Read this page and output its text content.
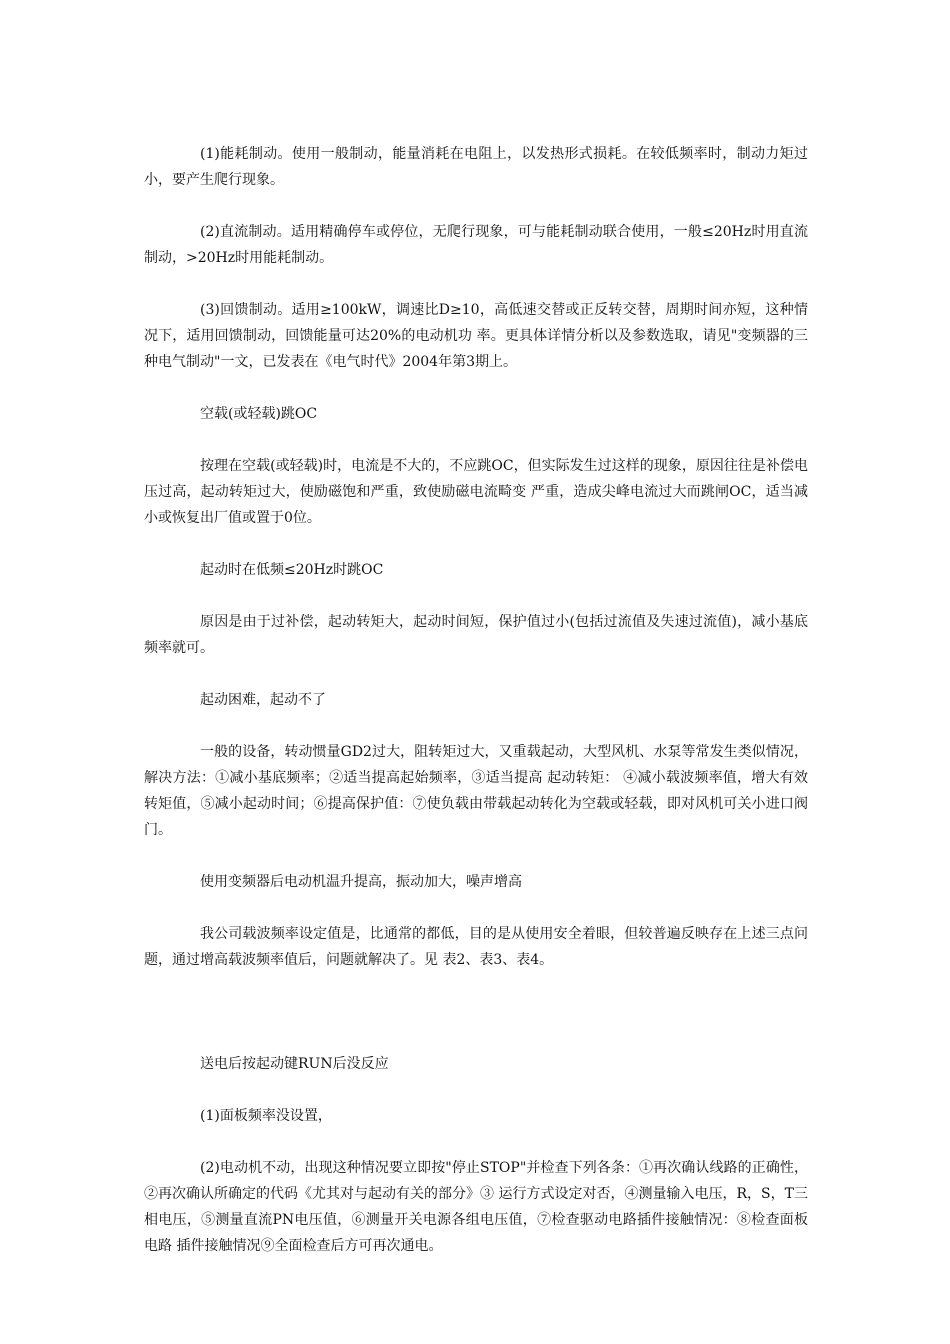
(1)能耗制动。使用一般制动，能量消耗在电阻上，以发热形式损耗。在较低频率时，制动力矩过小，要产生爬行现象。

(2)直流制动。适用精确停车或停位，无爬行现象，可与能耗制动联合使用，一般≤20Hz时用直流制动，>20Hz时用能耗制动。

(3)回馈制动。适用≥100kW，调速比D≥10，高低速交替或正反转交替，周期时间亦短，这种情况下，适用回馈制动，回馈能量可达20%的电动机功 率。更具体详情分析以及参数选取，请见"变频器的三种电气制动"一文，已发表在《电气时代》2004年第3期上。

空载(或轻载)跳OC

按理在空载(或轻载)时，电流是不大的，不应跳OC，但实际发生过这样的现象，原因往往是补偿电压过高，起动转矩过大，使励磁饱和严重，致使励磁电流畸变 严重，造成尖峰电流过大而跳闸OC，适当减小或恢复出厂值或置于0位。

起动时在低频≤20Hz时跳OC

原因是由于过补偿，起动转矩大，起动时间短，保护值过小(包括过流值及失速过流值)，减小基底频率就可。

起动困难，起动不了

一般的设备，转动惯量GD2过大，阻转矩过大，又重载起动，大型风机、水泵等常发生类似情况，解决方法：①减小基底频率；②适当提高起始频率，③适当提高 起动转矩： ④减小载波频率值，增大有效转矩值，⑤减小起动时间；⑥提高保护值：⑦使负载由带载起动转化为空载或轻载，即对风机可关小进口阀门。

使用变频器后电动机温升提高，振动加大，噪声增高

我公司载波频率设定值是，比通常的都低，目的是从使用安全着眼，但较普遍反映存在上述三点问题，通过增高载波频率值后，问题就解决了。见 表2、表3、表4。

送电后按起动键RUN后没反应

(1)面板频率没设置，

(2)电动机不动，出现这种情况要立即按"停止STOP"并检查下列各条：①再次确认线路的正确性，②再次确认所确定的代码《尤其对与起动有关的部分》③ 运行方式设定对否，④测量输入电压，R，S，T三相电压，⑤测量直流PN电压值，⑥测量开关电源各组电压值，⑦检查驱动电路插件接触情况：⑧检查面板电路 插件接触情况⑨全面检查后方可再次通电。
